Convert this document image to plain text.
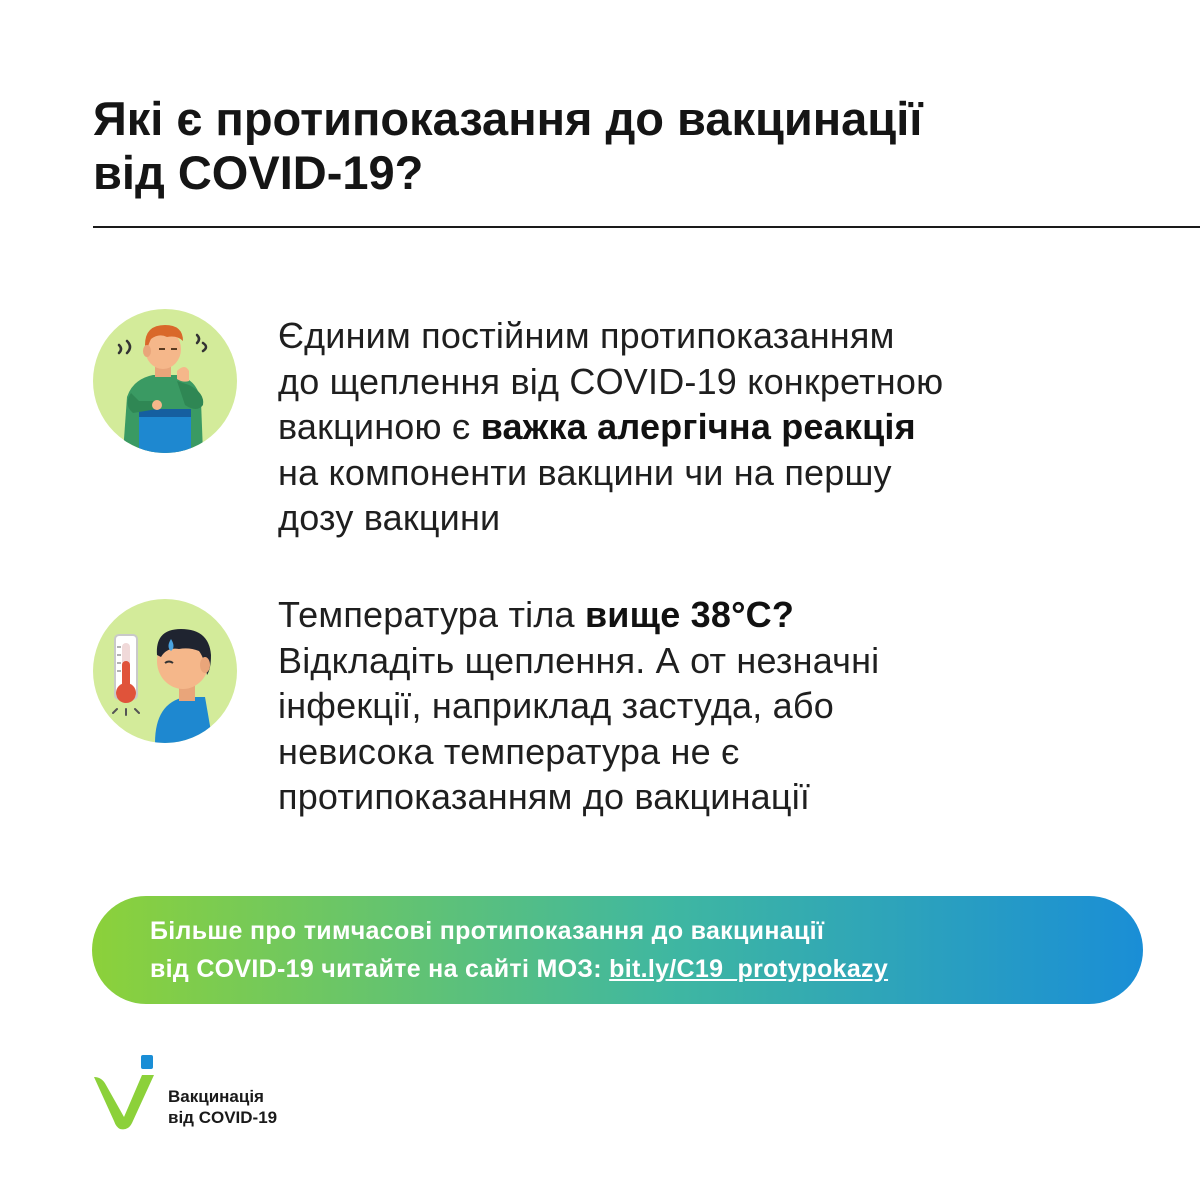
Які є протипоказання до вакцинації
від COVID-19?

Єдиним постійним протипоказанням
до щеплення від COVID-19 конкретною
вакциною є важка алергічна реакція
на компоненти вакцини чи на першу
дозу вакцини

Температура тіла вище 38°С?
Відкладіть щеплення. А от незначні
інфекції, наприклад застуда, або
невисока температура не є
протипоказанням до вакцинації

Більше про тимчасові протипоказання до вакцинації
від COVID-19 читайте на сайті МОЗ: bit.ly/C19_protypokazy
Вакцинація
від COVID-19
